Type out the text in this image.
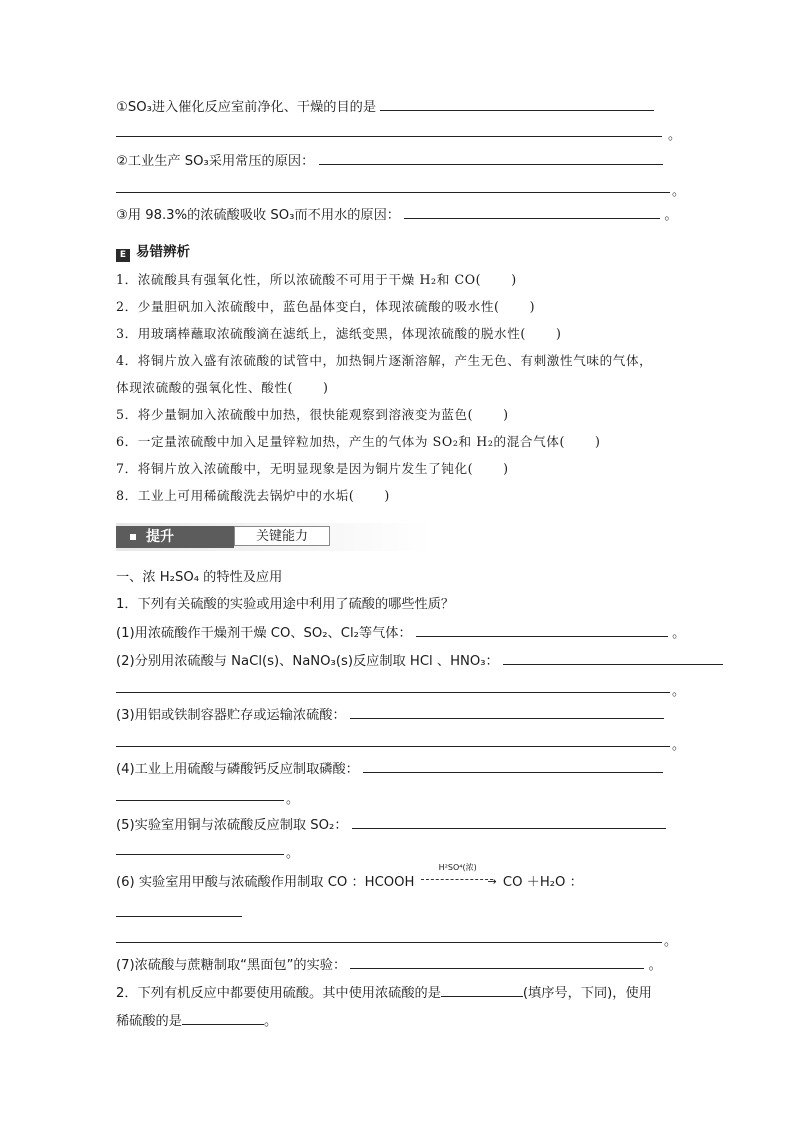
①SO₃进入催化反应室前净化、干燥的目的是
。
②工业生产 SO₃采用常压的原因：
。
③用 98.3%的浓硫酸吸收 SO₃而不用水的原因：	。
E 易错辨析
1．浓硫酸具有强氧化性，所以浓硫酸不可用于干燥 H₂和 CO( )
2．少量胆矾加入浓硫酸中，蓝色晶体变白，体现浓硫酸的吸水性( )
3．用玻璃棒蘸取浓硫酸滴在滤纸上，滤纸变黑，体现浓硫酸的脱水性( )
4．将铜片放入盛有浓硫酸的试管中，加热铜片逐渐溶解，产生无色、有刺激性气味的气体，
体现浓硫酸的强氧化性、酸性( )
5．将少量铜加入浓硫酸中加热，很快能观察到溶液变为蓝色( )
6．一定量浓硫酸中加入足量锌粒加热，产生的气体为 SO₂和 H₂的混合气体( )
7．将铜片放入浓硫酸中，无明显现象是因为铜片发生了钝化( )
8．工业上可用稀硫酸洗去锅炉中的水垢( )
提升	关键能力
一、浓 H₂SO₄ 的特性及应用
1．下列有关硫酸的实验或用途中利用了硫酸的哪些性质？
(1)用浓硫酸作干燥剂干燥 CO、SO₂、Cl₂等气体：	。
(2)分别用浓硫酸与 NaCl(s)、NaNO₃(s)反应制取 HCl 、HNO₃：
。
(3)用铝或铁制容器贮存或运输浓硫酸：
。
(4)工业上用硫酸与磷酸钙反应制取磷酸：
。
(5)实验室用铜与浓硫酸反应制取 SO₂：
。
(6) 实验室用甲酸与浓硫酸作用制取 CO ：HCOOH
H²SO⁴(浓)
→ CO ＋H₂O ：
。
(7)浓硫酸与蔗糖制取“黑面包”的实验：	。
2．下列有机反应中都要使用硫酸。其中使用浓硫酸的是	(填序号，下同)，使用
稀硫酸的是	。
